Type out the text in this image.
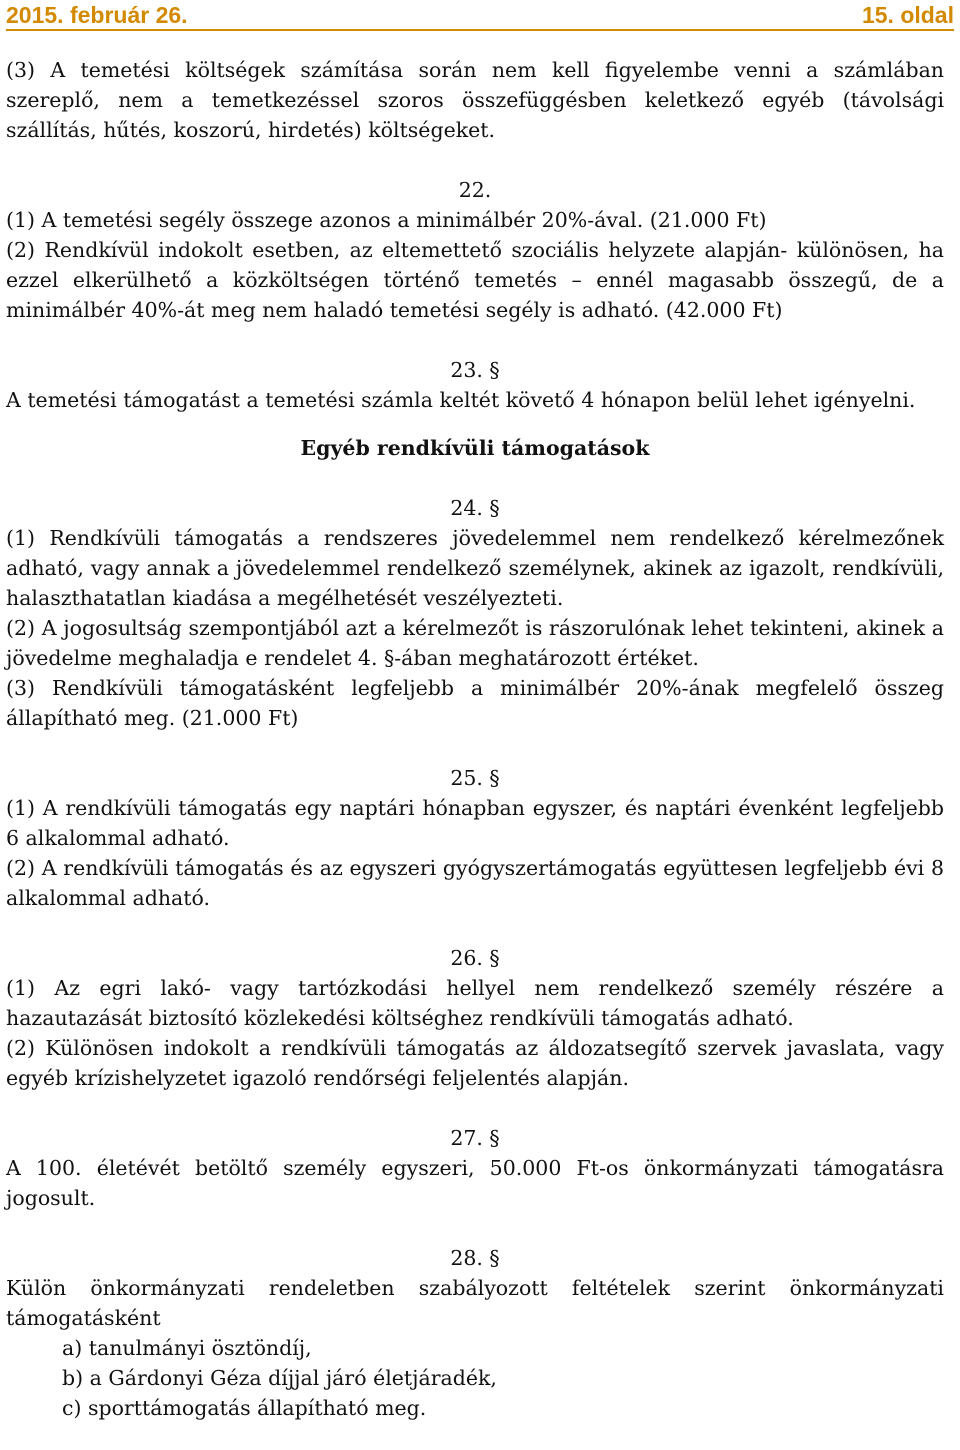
2015. február 26.	15. oldal

(3) A temetési költségek számítása során nem kell figyelembe venni a számlában szereplő, nem a temetkezéssel szoros összefüggésben keletkező egyéb (távolsági szállítás, hűtés, koszorú, hirdetés) költségeket.

22.

(1) A temetési segély összege azonos a minimálbér 20%-ával. (21.000 Ft)

(2) Rendkívül indokolt esetben, az eltemettető szociális helyzete alapján- különösen, ha ezzel elkerülhető a közköltségen történő temetés – ennél magasabb összegű, de a minimálbér 40%-át meg nem haladó temetési segély is adható. (42.000 Ft)

23. §

A temetési támogatást a temetési számla keltét követő 4 hónapon belül lehet igényelni.

Egyéb rendkívüli támogatások

24. §

(1) Rendkívüli támogatás a rendszeres jövedelemmel nem rendelkező kérelmezőnek adható, vagy annak a jövedelemmel rendelkező személynek, akinek az igazolt, rendkívüli, halaszthatatlan kiadása a megélhetését veszélyezteti.

(2) A jogosultság szempontjából azt a kérelmezőt is rászorulónak lehet tekinteni, akinek a jövedelme meghaladja e rendelet 4. §-ában meghatározott értéket.

(3) Rendkívüli támogatásként legfeljebb a minimálbér 20%-ának megfelelő összeg állapítható meg. (21.000 Ft)

25. §

(1) A rendkívüli támogatás egy naptári hónapban egyszer, és naptári évenként legfeljebb 6 alkalommal adható.

(2) A rendkívüli támogatás és az egyszeri gyógyszertámogatás együttesen legfeljebb évi 8 alkalommal adható.

26. §

(1) Az egri lakó- vagy tartózkodási hellyel nem rendelkező személy részére a hazautazását biztosító közlekedési költséghez rendkívüli támogatás adható.

(2) Különösen indokolt a rendkívüli támogatás az áldozatsegítő szervek javaslata, vagy egyéb krízishelyzetet igazoló rendőrségi feljelentés alapján.

27. §

A 100. életévét betöltő személy egyszeri, 50.000 Ft-os önkormányzati támogatásra jogosult.

28. §

Külön önkormányzati rendeletben szabályozott feltételek szerint önkormányzati támogatásként

a) tanulmányi ösztöndíj,

b) a Gárdonyi Géza díjjal járó életjáradék,

c) sporttámogatás állapítható meg.
